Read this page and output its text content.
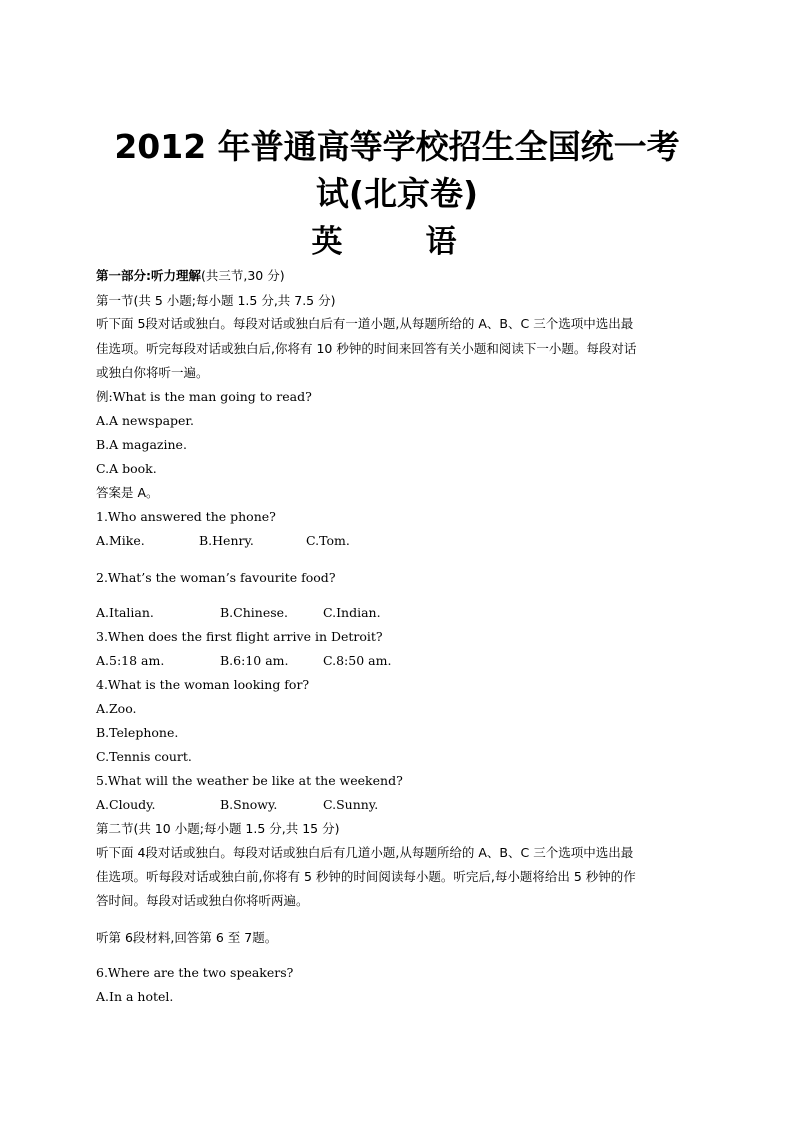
2012 年普通高等学校招生全国统一考
试(北京卷)
英　语
第一部分:听力理解(共三节,30 分)
第一节(共 5 小题;每小题 1.5 分,共 7.5 分)
听下面 5段对话或独白。每段对话或独白后有一道小题,从每题所给的 A、B、C 三个选项中选出最
佳选项。听完每段对话或独白后,你将有 10 秒钟的时间来回答有关小题和阅读下一小题。每段对话
或独白你将听一遍。
例:What is the man going to read?
A.A newspaper.
B.A magazine.
C.A book.
答案是 A。
1.Who answered the phone?
A.Mike.	B.Henry.	C.Tom.
2.What’s the woman’s favourite food?
A.Italian.	B.Chinese.	C.Indian.
3.When does the first flight arrive in Detroit?
A.5:18 am.	B.6:10 am.	C.8:50 am.
4.What is the woman looking for?
A.Zoo.
B.Telephone.
C.Tennis court.
5.What will the weather be like at the weekend?
A.Cloudy.	B.Snowy.	C.Sunny.
第二节(共 10 小题;每小题 1.5 分,共 15 分)
听下面 4段对话或独白。每段对话或独白后有几道小题,从每题所给的 A、B、C 三个选项中选出最
佳选项。听每段对话或独白前,你将有 5 秒钟的时间阅读每小题。听完后,每小题将给出 5 秒钟的作
答时间。每段对话或独白你将听两遍。
听第 6段材料,回答第 6 至 7题。
6.Where are the two speakers?
A.In a hotel.
